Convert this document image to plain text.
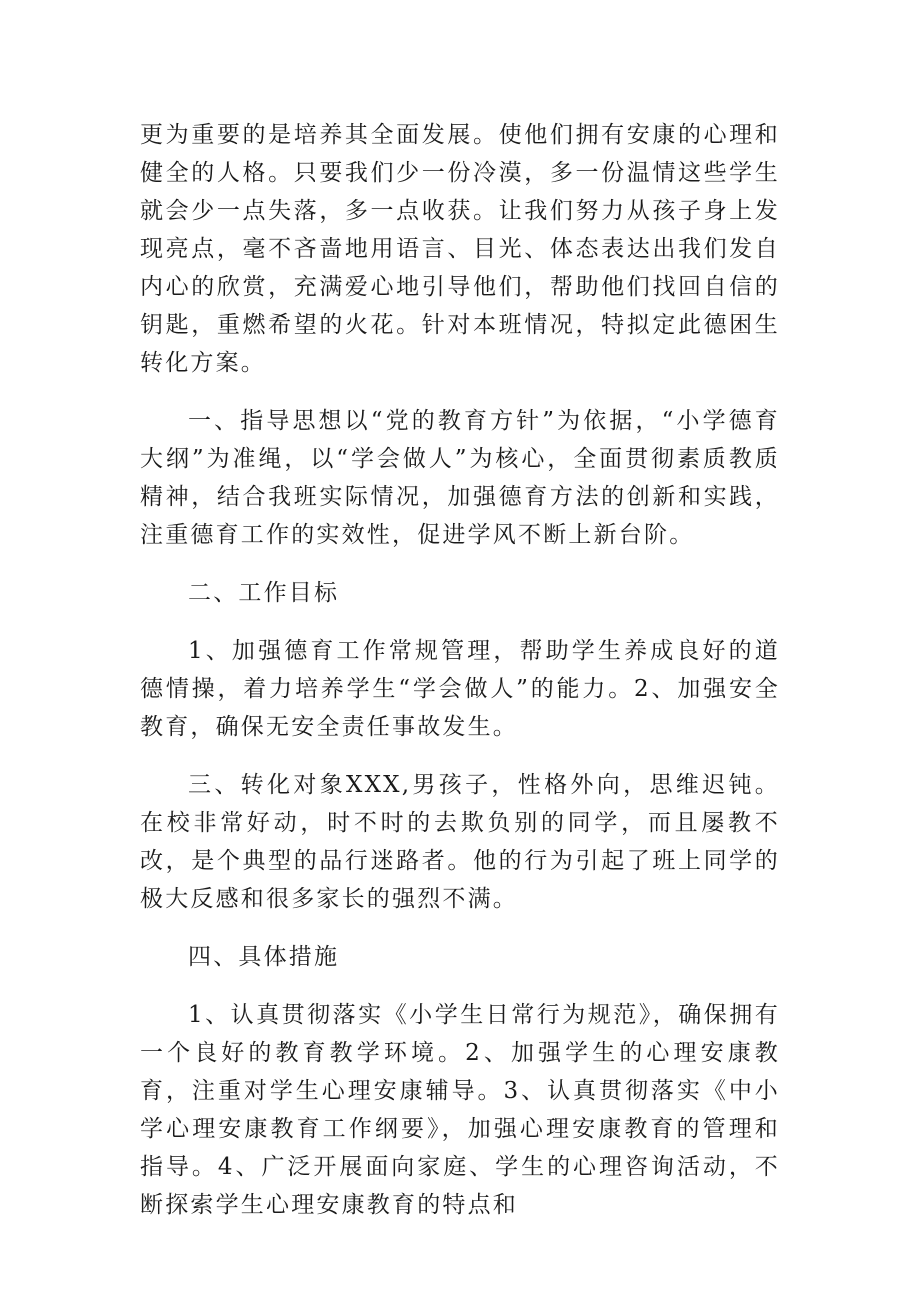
更为重要的是培养其全面发展。使他们拥有安康的心理和健全的人格。只要我们少一份冷漠，多一份温情这些学生就会少一点失落，多一点收获。让我们努力从孩子身上发现亮点，毫不吝啬地用语言、目光、体态表达出我们发自内心的欣赏，充满爱心地引导他们，帮助他们找回自信的钥匙，重燃希望的火花。针对本班情况，特拟定此德困生转化方案。

一、指导思想以“党的教育方针”为依据，“小学德育大纲”为准绳，以“学会做人”为核心，全面贯彻素质教质精神，结合我班实际情况，加强德育方法的创新和实践，注重德育工作的实效性，促进学风不断上新台阶。

二、工作目标

1、加强德育工作常规管理，帮助学生养成良好的道德情操，着力培养学生“学会做人”的能力。2、加强安全教育，确保无安全责任事故发生。

三、转化对象XXX,男孩子，性格外向，思维迟钝。在校非常好动，时不时的去欺负别的同学，而且屡教不改，是个典型的品行迷路者。他的行为引起了班上同学的极大反感和很多家长的强烈不满。

四、具体措施

1、认真贯彻落实《小学生日常行为规范》，确保拥有一个良好的教育教学环境。2、加强学生的心理安康教育，注重对学生心理安康辅导。3、认真贯彻落实《中小学心理安康教育工作纲要》，加强心理安康教育的管理和指导。4、广泛开展面向家庭、学生的心理咨询活动，不断探索学生心理安康教育的特点和
